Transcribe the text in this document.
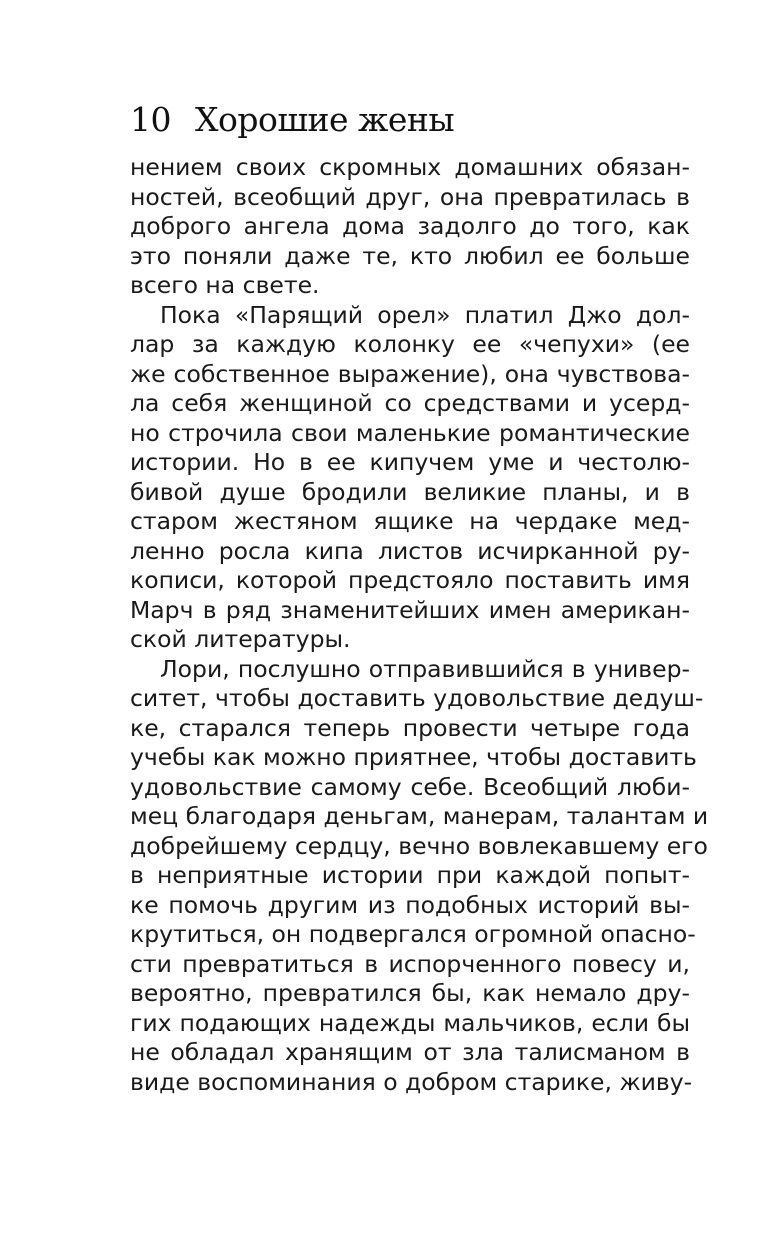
10 Хорошие жены
нением своих скромных домашних обязан-
ностей, всеобщий друг, она превратилась в
доброго ангела дома задолго до того, как
это поняли даже те, кто любил ее больше
всего на свете.
Пока «Парящий орел» платил Джо дол-
лар за каждую колонку ее «чепухи» (ее
же собственное выражение), она чувствова-
ла себя женщиной со средствами и усерд-
но строчила свои маленькие романтические
истории. Но в ее кипучем уме и честолю-
бивой душе бродили великие планы, и в
старом жестяном ящике на чердаке мед-
ленно росла кипа листов исчирканной ру-
кописи, которой предстояло поставить имя
Марч в ряд знаменитейших имен американ-
ской литературы.
Лори, послушно отправившийся в универ-
ситет, чтобы доставить удовольствие дедуш-
ке, старался теперь провести четыре года
учебы как можно приятнее, чтобы доставить
удовольствие самому себе. Всеобщий люби-
мец благодаря деньгам, манерам, талантам и
добрейшему сердцу, вечно вовлекавшему его
в неприятные истории при каждой попыт-
ке помочь другим из подобных историй вы-
крутиться, он подвергался огромной опасно-
сти превратиться в испорченного повесу и,
вероятно, превратился бы, как немало дру-
гих подающих надежды мальчиков, если бы
не обладал хранящим от зла талисманом в
виде воспоминания о добром старике, живу-
